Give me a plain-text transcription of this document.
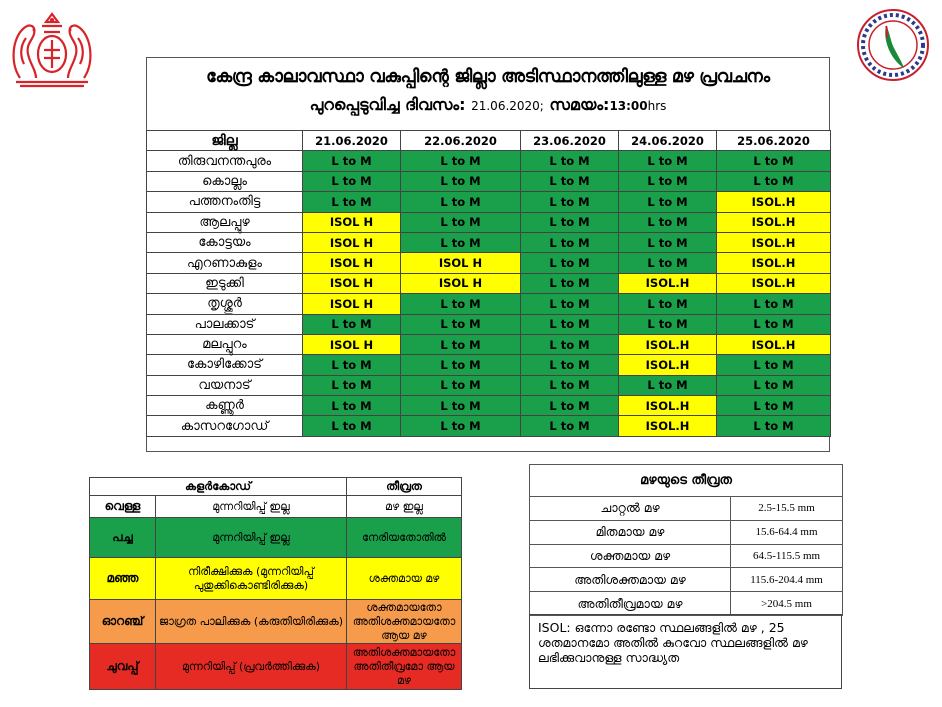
കേന്ദ്ര കാലാവസ്ഥാ വകുപ്പിന്റെ ജില്ലാ അടിസ്ഥാനത്തിലുള്ള മഴ പ്രവചനം
പുറപ്പെടുവിച്ച ദിവസം: 21.06.2020; സമയം:13:00hrs
ജില്ല	21.06.2020	22.06.2020	23.06.2020	24.06.2020	25.06.2020
തിരുവനന്തപുരം	L to M	L to M	L to M	L to M	L to M
കൊല്ലം	L to M	L to M	L to M	L to M	L to M
പത്തനംതിട്ട	L to M	L to M	L to M	L to M	ISOL.H
ആലപ്പുഴ	ISOL H	L to M	L to M	L to M	ISOL.H
കോട്ടയം	ISOL H	L to M	L to M	L to M	ISOL.H
എറണാകുളം	ISOL H	ISOL H	L to M	L to M	ISOL.H
ഇടുക്കി	ISOL H	ISOL H	L to M	ISOL.H	ISOL.H
തൃശ്ശൂർ	ISOL H	L to M	L to M	L to M	L to M
പാലക്കാട്	L to M	L to M	L to M	L to M	L to M
മലപ്പുറം	ISOL H	L to M	L to M	ISOL.H	ISOL.H
കോഴിക്കോട്	L to M	L to M	L to M	ISOL.H	L to M
വയനാട്	L to M	L to M	L to M	L to M	L to M
കണ്ണൂർ	L to M	L to M	L to M	ISOL.H	L to M
കാസറഗോഡ്	L to M	L to M	L to M	ISOL.H	L to M
കളർകോഡ്		തീവ്രത
വെള്ള	മുന്നറിയിപ്പ് ഇല്ല	മഴ ഇല്ല
പച്ച	മുന്നറിയിപ്പ് ഇല്ല	നേരിയതോതിൽ
മഞ്ഞ	നിരീക്ഷിക്കുക (മുന്നറിയിപ്പ് പുതുക്കികൊണ്ടിരിക്കുക)	ശക്തമായ മഴ
ഓറഞ്ച്	ജാഗ്രത പാലിക്കുക (കരുതിയിരിക്കുക)	ശക്തമായതോ അതിശക്തമായതോ ആയ മഴ
ചുവപ്പ്	മുന്നറിയിപ്പ് (പ്രവർത്തിക്കുക)	അതിശക്തമായതോ അതിതീവ്രമോ ആയ മഴ
മഴയുടെ തീവ്രത	
ചാറ്റൽ മഴ	2.5-15.5 mm
മിതമായ മഴ	15.6-64.4 mm
ശക്തമായ മഴ	64.5-115.5 mm
അതിശക്തമായ മഴ	115.6-204.4 mm
അതിതീവ്രമായ മഴ	>204.5 mm
ISOL: ഒന്നോ രണ്ടോ സ്ഥലങ്ങളിൽ മഴ , 25 ശതമാനമോ അതിൽ കുറവോ സ്ഥലങ്ങളിൽ മഴ ലഭിക്കുവാനുള്ള സാദ്ധ്യത
